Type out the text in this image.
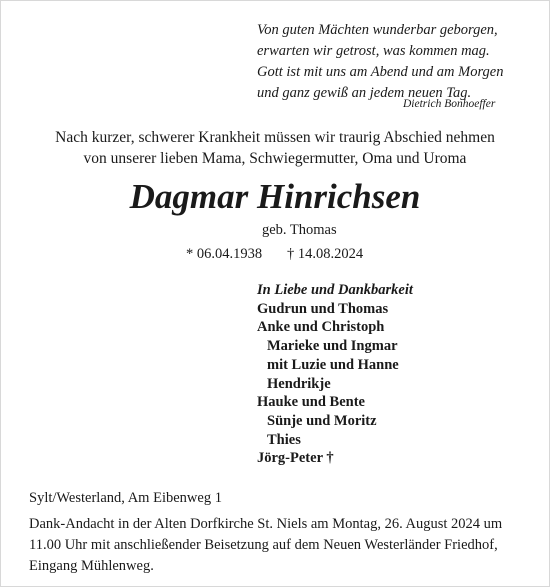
Von guten Mächten wunderbar geborgen,
erwarten wir getrost, was kommen mag.
Gott ist mit uns am Abend und am Morgen
und ganz gewiß an jedem neuen Tag.
Dietrich Bonhoeffer
Nach kurzer, schwerer Krankheit müssen wir traurig Abschied nehmen
von unserer lieben Mama, Schwiegermutter, Oma und Uroma
Dagmar Hinrichsen
geb. Thomas
* 06.04.1938 † 14.08.2024
In Liebe und Dankbarkeit
Gudrun und Thomas
Anke und Christoph
Marieke und Ingmar
mit Luzie und Hanne
Hendrikje
Hauke und Bente
Sünje und Moritz
Thies
Jörg-Peter †
Sylt/Westerland, Am Eibenweg 1
Dank-Andacht in der Alten Dorfkirche St. Niels am Montag, 26. August 2024 um
11.00 Uhr mit anschließender Beisetzung auf dem Neuen Westerländer Friedhof,
Eingang Mühlenweg.
